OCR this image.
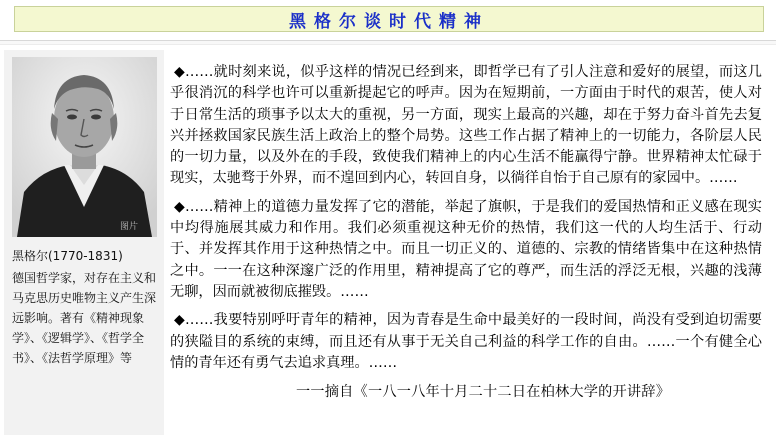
黑格尔谈时代精神
图片
黑格尔(1770-1831)
德国哲学家，对存在主义和马克思历史唯物主义产生深远影响。著有《精神现象学》、《逻辑学》、《哲学全书》、《法哲学原理》等

◆……就时刻来说，似乎这样的情况已经到来，即哲学已有了引人注意和爱好的展望，而这几乎很消沉的科学也许可以重新提起它的呼声。因为在短期前，一方面由于时代的艰苦，使人对于日常生活的琐事予以太大的重视，另一方面，现实上最高的兴趣，却在于努力奋斗首先去复兴并拯救国家民族生活上政治上的整个局势。这些工作占据了精神上的一切能力，各阶层人民的一切力量，以及外在的手段，致使我们精神上的内心生活不能赢得宁静。世界精神太忙碌于现实，太驰骛于外界，而不遑回到内心，转回自身，以徜徉自怡于自己原有的家园中。……

◆……精神上的道德力量发挥了它的潜能，举起了旗帜，于是我们的爱国热情和正义感在现实中均得施展其威力和作用。我们必须重视这种无价的热情，我们这一代的人均生活于、行动于、并发挥其作用于这种热情之中。而且一切正义的、道德的、宗教的情绪皆集中在这种热情之中。一一在这种深邃广泛的作用里，精神提高了它的尊严，而生活的浮泛无根，兴趣的浅薄无聊，因而就被彻底摧毁。……

◆……我要特别呼吁青年的精神，因为青春是生命中最美好的一段时间，尚没有受到迫切需要的狭隘目的系统的束缚，而且还有从事于无关自己利益的科学工作的自由。……一个有健全心情的青年还有勇气去追求真理。……

一一摘自《一八一八年十月二十二日在柏林大学的开讲辞》
